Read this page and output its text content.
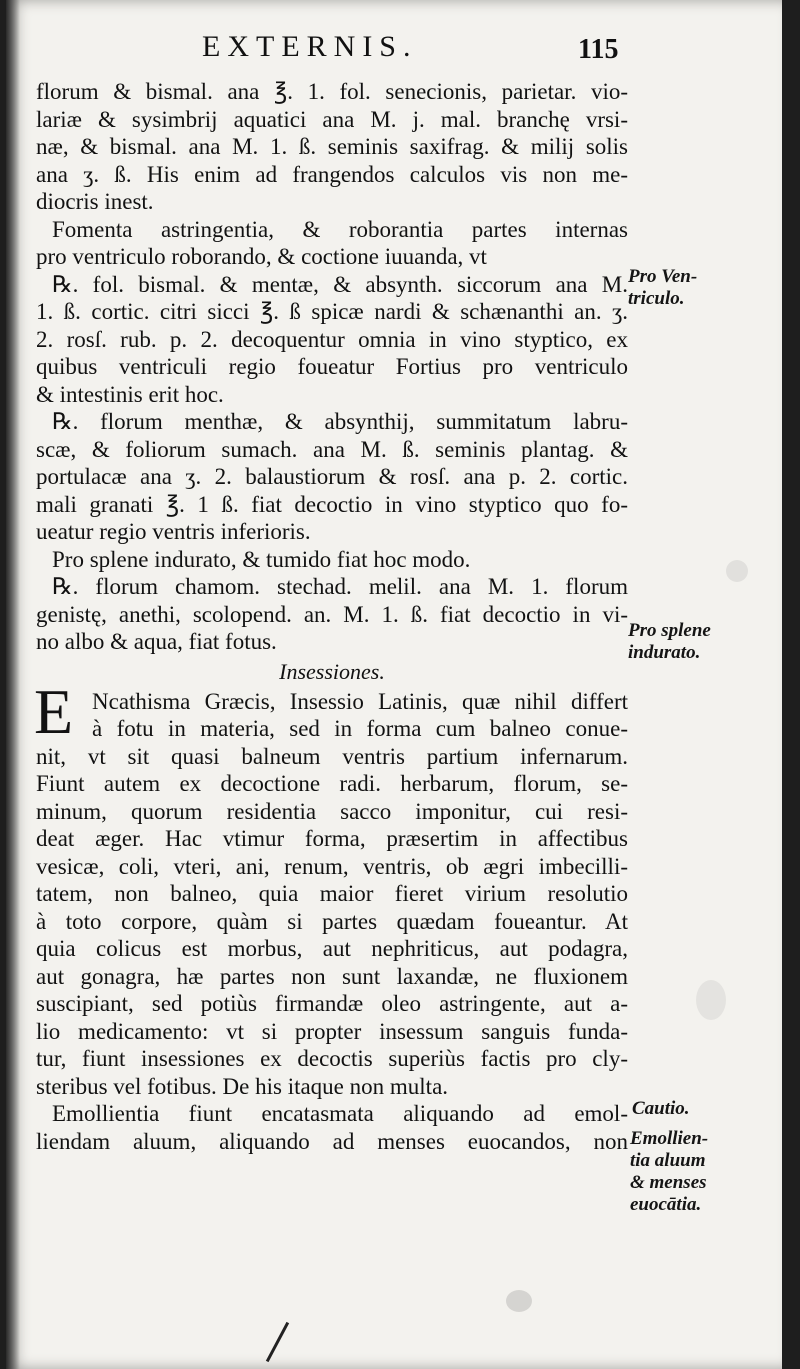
EXTERNIS.	115
florum & bismal. ana ℥. 1. fol. senecionis, parietar. vio-
lariæ & sysimbrij aquatici ana M. j. mal. branchę vrsi-
næ, & bismal. ana M. 1. ß. seminis saxifrag. & milij solis
ana ʒ. ß. His enim ad frangendos calculos vis non me-
diocris inest.
Fomenta astringentia, & roborantia partes internas
pro ventriculo roborando, & coctione iuuanda, vt
℞. fol. bismal. & mentæ, & absynth. siccorum ana M.
1. ß. cortic. citri sicci ℥. ß spicæ nardi & schænanthi an. ʒ.
2. rosſ. rub. p. 2. decoquentur omnia in vino styptico, ex
quibus ventriculi regio foueatur Fortius pro ventriculo
& intestinis erit hoc.
℞. florum menthæ, & absynthij, summitatum labru-
scæ, & foliorum sumach. ana M. ß. seminis plantag. &
portulacæ ana ʒ. 2. balaustiorum & rosſ. ana p. 2. cortic.
mali granati ℥. 1 ß. fiat decoctio in vino styptico quo fo-
ueatur regio ventris inferioris.
Pro splene indurato, & tumido fiat hoc modo.
℞. florum chamom. stechad. melil. ana M. 1. florum
genistę, anethi, scolopend. an. M. 1. ß. fiat decoctio in vi-
no albo & aqua, fiat fotus.
Insessiones.
E Ncathisma Græcis, Insessio Latinis, quæ nihil differt
à fotu in materia, sed in forma cum balneo conue-
nit, vt sit quasi balneum ventris partium infernarum.
Fiunt autem ex decoctione radi. herbarum, florum, se-
minum, quorum residentia sacco imponitur, cui resi-
deat æger. Hac vtimur forma, præsertim in affectibus
vesicæ, coli, vteri, ani, renum, ventris, ob ægri imbecilli-
tatem, non balneo, quia maior fieret virium resolutio
à toto corpore, quàm si partes quædam foueantur. At
quia colicus est morbus, aut nephriticus, aut podagra,
aut gonagra, hæ partes non sunt laxandæ, ne fluxionem
suscipiant, sed potiùs firmandæ oleo astringente, aut a-
lio medicamento: vt si propter insessum sanguis funda-
tur, fiunt insessiones ex decoctis superiùs factis pro cly-
steribus vel fotibus. De his itaque non multa.
Emollientia fiunt encatasmata aliquando ad emol-
liendam aluum, aliquando ad menses euocandos, non
Pro Ven-
triculo.
Pro splene
indurato.
Cautio.
Emollien-
tia aluum
& menses
euocātia.
